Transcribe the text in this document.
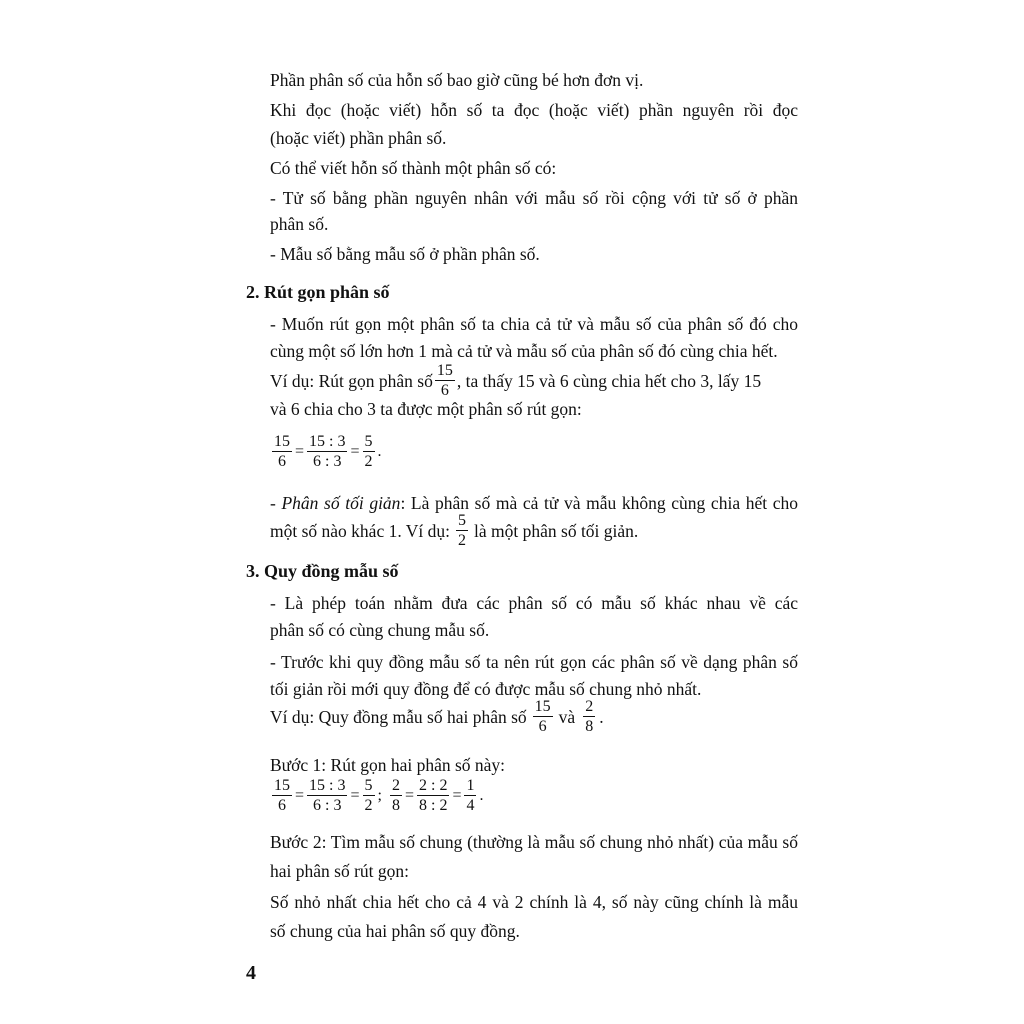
Phần phân số của hỗn số bao giờ cũng bé hơn đơn vị.
Khi đọc (hoặc viết) hỗn số ta đọc (hoặc viết) phần nguyên rồi đọc
(hoặc viết) phần phân số.
Có thể viết hỗn số thành một phân số có:
- Tử số bằng phần nguyên nhân với mẫu số rồi cộng với tử số ở phần
phân số.
- Mẫu số bằng mẫu số ở phần phân số.
2. Rút gọn phân số
- Muốn rút gọn một phân số ta chia cả tử và mẫu số của phân số đó cho
cùng một số lớn hơn 1 mà cả tử và mẫu số của phân số đó cùng chia hết.
Ví dụ: Rút gọn phân số $\frac{15}{6}$ , ta thấy 15 và 6 cùng chia hết cho 3, lấy 15
và 6 chia cho 3 ta được một phân số rút gọn:
$\frac{15}{6} = \frac{15 : 3}{6 : 3} = \frac{5}{2}$ .
- Phân số tối giản: Là phân số mà cả tử và mẫu không cùng chia hết cho
một số nào khác 1. Ví dụ: $\frac{5}{2}$ là một phân số tối giản.
3. Quy đồng mẫu số
- Là phép toán nhằm đưa các phân số có mẫu số khác nhau về các
phân số có cùng chung mẫu số.
- Trước khi quy đồng mẫu số ta nên rút gọn các phân số về dạng phân số
tối giản rồi mới quy đồng để có được mẫu số chung nhỏ nhất.
Ví dụ: Quy đồng mẫu số hai phân số $\frac{15}{6}$ và $\frac{2}{8}$ .
Bước 1: Rút gọn hai phân số này:
$\frac{15}{6} = \frac{15 : 3}{6 : 3} = \frac{5}{2}$ ; $\frac{2}{8} = \frac{2 : 2}{8 : 2} = \frac{1}{4}$ .
Bước 2: Tìm mẫu số chung (thường là mẫu số chung nhỏ nhất) của mẫu số
hai phân số rút gọn:
Số nhỏ nhất chia hết cho cả 4 và 2 chính là 4, số này cũng chính là mẫu
số chung của hai phân số quy đồng.
4
